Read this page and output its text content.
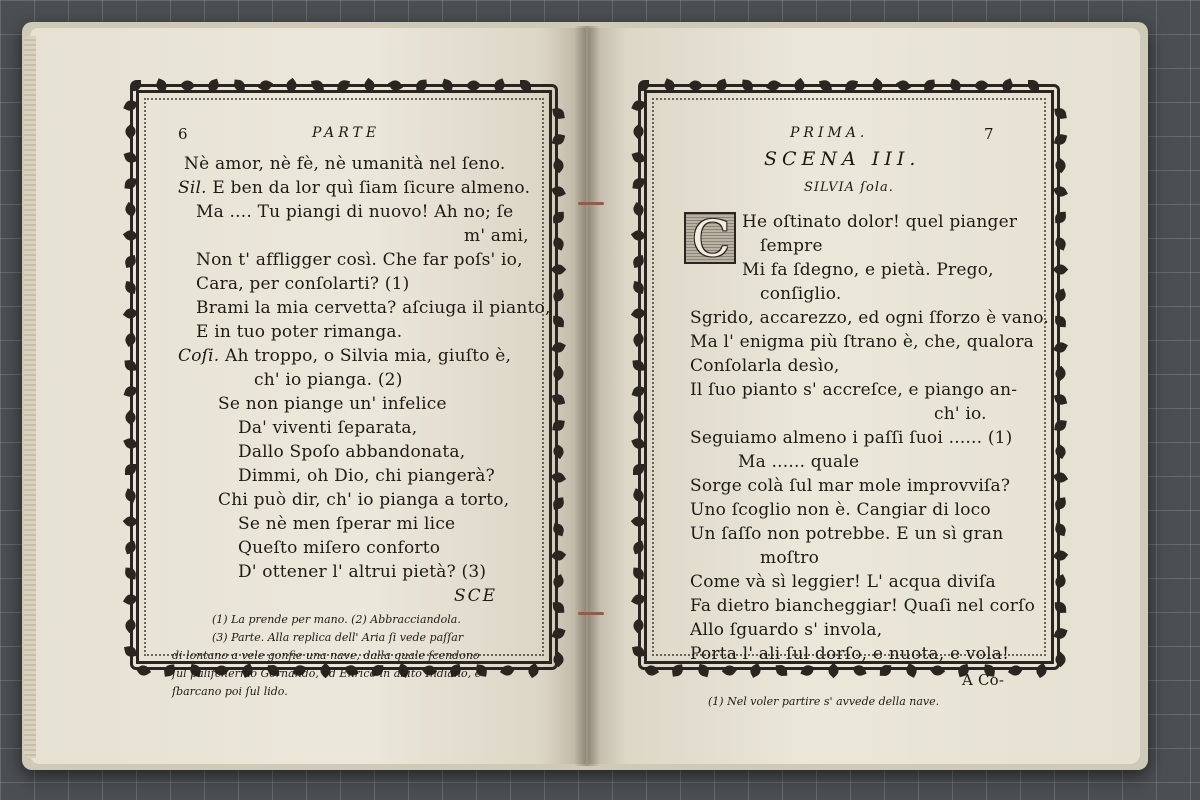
6	PARTE
Nè amor, nè fè, nè umanità nel ſeno.
Sil. E ben da lor quì ſiam ſicure almeno.
Ma .... Tu piangi di nuovo! Ah no; ſe
m' ami,
Non t' affligger così. Che far poſs' io,
Cara, per conſolarti? (1)
Brami la mia cervetta? aſciuga il pianto,
E in tuo poter rimanga.
Coſi. Ah troppo, o Silvia mia, giuſto è,
ch' io pianga. (2)
Se non piange un' infelice
Da' viventi ſeparata,
Dallo Spoſo abbandonata,
Dimmi, oh Dio, chi piangerà?
Chi può dir, ch' io pianga a torto,
Se nè men ſperar mi lice
Queſto miſero conforto
D' ottener l' altrui pietà? (3)
SCE
(1) La prende per mano. (2) Abbracciandola.
(3) Parte. Alla replica dell' Aria ſi vede paſſar
di lontano a vele gonfie una nave, dalla quale ſcendono
ſul paliſchermo Gernando, ed Enrico in abito Indiano, e
ſbarcano poi ſul lido.
PRIMA.	7
SCENA III.
SILVIA ſola.
C He oſtinato dolor! quel pianger
ſempre
Mi fa ſdegno, e pietà. Prego,
conſiglio.
Sgrido, accarezzo, ed ogni ſforzo è vano.
Ma l' enigma più ſtrano è, che, qualora
Conſolarla desìo,
Il ſuo pianto s' accreſce, e piango an-
ch' io.
Seguiamo almeno i paſſi ſuoi ...... (1)
Ma ...... quale
Sorge colà ſul mar mole improvviſa?
Uno ſcoglio non è. Cangiar di loco
Un ſaſſo non potrebbe. E un sì gran
moſtro
Come và sì leggier! L' acqua diviſa
Fa dietro biancheggiar! Quaſi nel corſo
Allo ſguardo s' invola,
Porta l' ali ſul dorſo, e nuota, e vola!
A Co-
(1) Nel voler partire s' avvede della nave.
